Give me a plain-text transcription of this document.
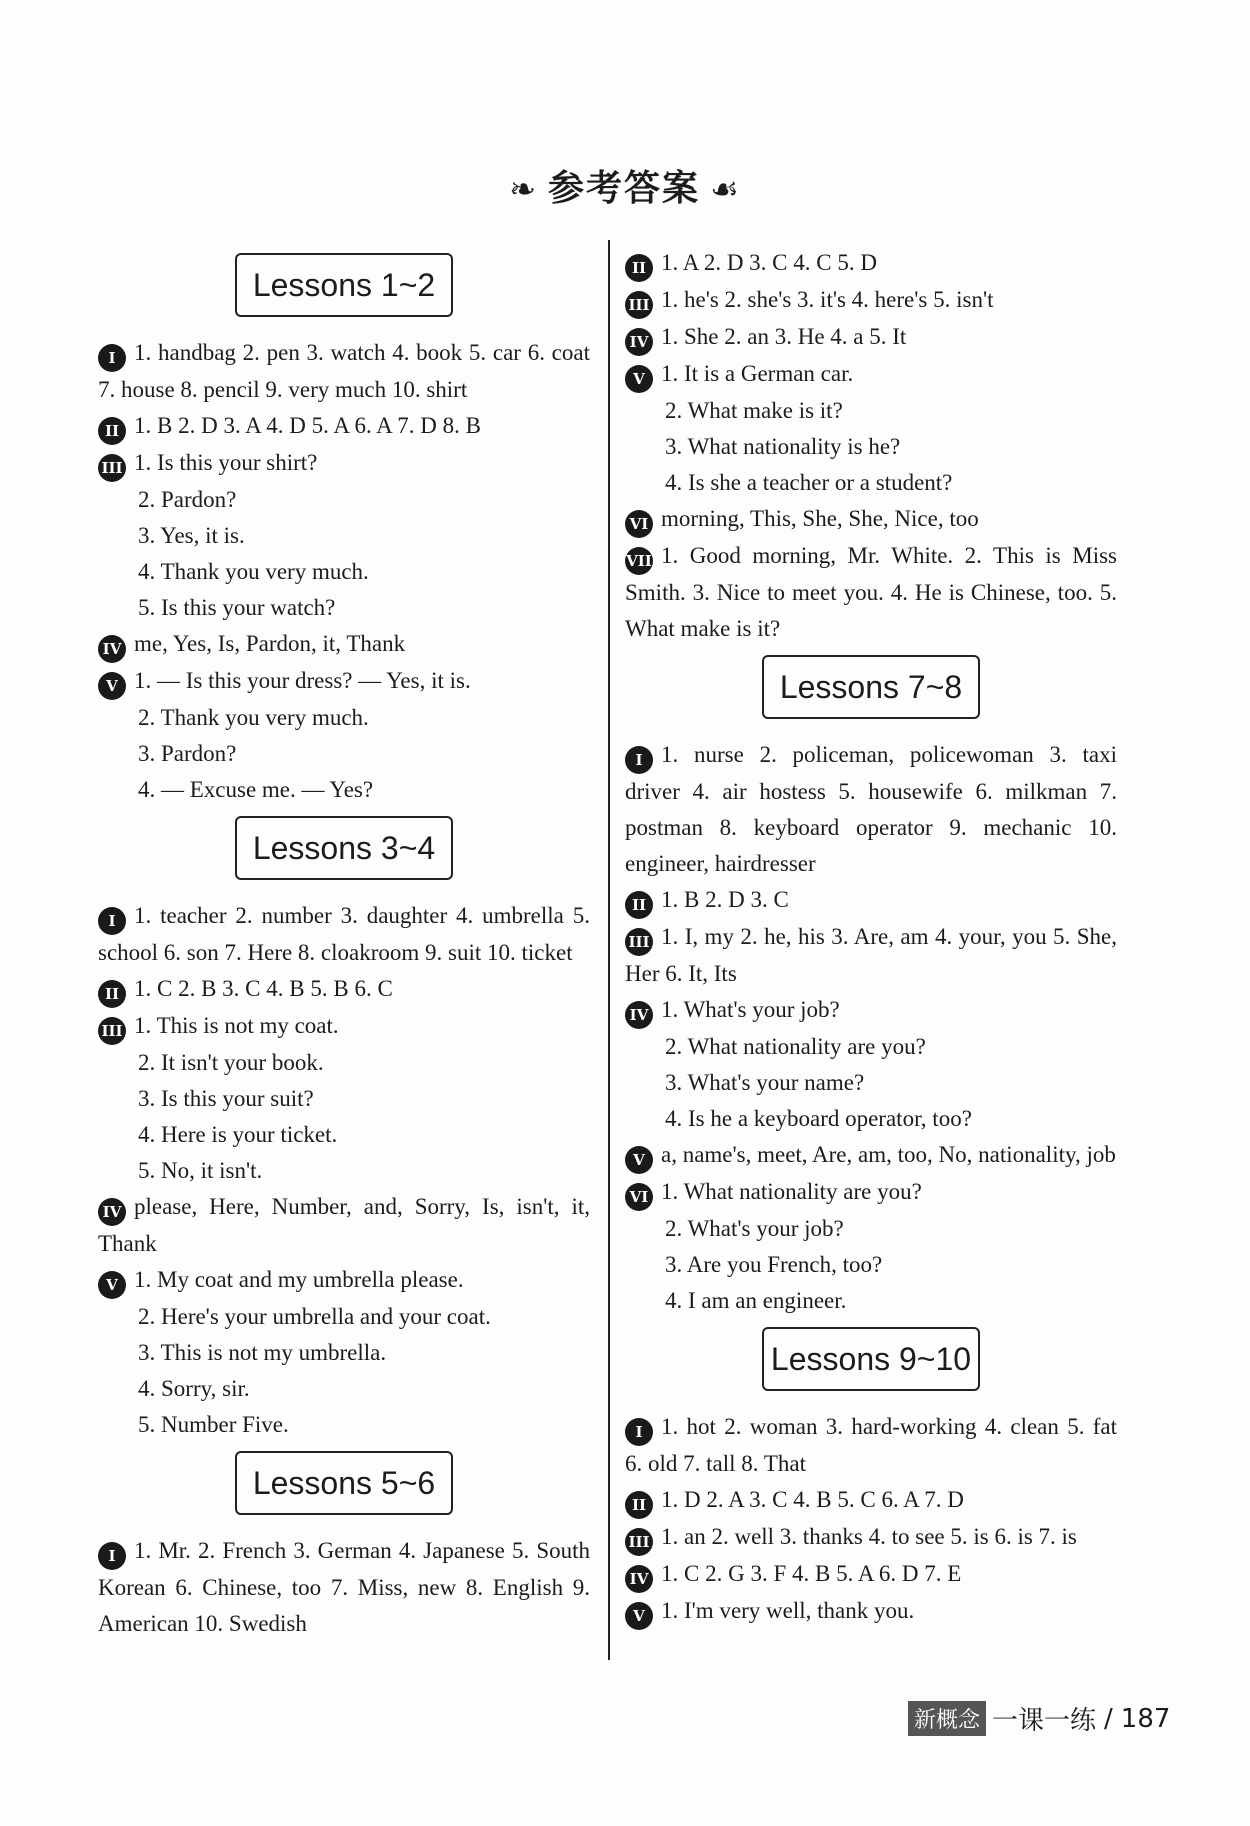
❧ 参考答案 ☙
Lessons 1~2
I 1. handbag 2. pen 3. watch 4. book 5. car 6. coat 7. house 8. pencil 9. very much 10. shirt
II 1. B 2. D 3. A 4. D 5. A 6. A 7. D 8. B
III 1. Is this your shirt?
2. Pardon?
3. Yes, it is.
4. Thank you very much.
5. Is this your watch?
IV me, Yes, Is, Pardon, it, Thank
V 1. — Is this your dress? — Yes, it is.
2. Thank you very much.
3. Pardon?
4. — Excuse me. — Yes?
Lessons 3~4
I 1. teacher 2. number 3. daughter 4. umbrella 5. school 6. son 7. Here 8. cloakroom 9. suit 10. ticket
II 1. C 2. B 3. C 4. B 5. B 6. C
III 1. This is not my coat.
2. It isn't your book.
3. Is this your suit?
4. Here is your ticket.
5. No, it isn't.
IV please, Here, Number, and, Sorry, Is, isn't, it, Thank
V 1. My coat and my umbrella please.
2. Here's your umbrella and your coat.
3. This is not my umbrella.
4. Sorry, sir.
5. Number Five.
Lessons 5~6
I 1. Mr. 2. French 3. German 4. Japanese 5. South Korean 6. Chinese, too 7. Miss, new 8. English 9. American 10. Swedish
II 1. A 2. D 3. C 4. C 5. D
III 1. he's 2. she's 3. it's 4. here's 5. isn't
IV 1. She 2. an 3. He 4. a 5. It
V 1. It is a German car.
2. What make is it?
3. What nationality is he?
4. Is she a teacher or a student?
VI morning, This, She, She, Nice, too
VII 1. Good morning, Mr. White. 2. This is Miss Smith. 3. Nice to meet you. 4. He is Chinese, too. 5. What make is it?
Lessons 7~8
I 1. nurse 2. policeman, policewoman 3. taxi driver 4. air hostess 5. housewife 6. milkman 7. postman 8. keyboard operator 9. mechanic 10. engineer, hairdresser
II 1. B 2. D 3. C
III 1. I, my 2. he, his 3. Are, am 4. your, you 5. She, Her 6. It, Its
IV 1. What's your job?
2. What nationality are you?
3. What's your name?
4. Is he a keyboard operator, too?
V a, name's, meet, Are, am, too, No, nationality, job
VI 1. What nationality are you?
2. What's your job?
3. Are you French, too?
4. I am an engineer.
Lessons 9~10
I 1. hot 2. woman 3. hard-working 4. clean 5. fat 6. old 7. tall 8. That
II 1. D 2. A 3. C 4. B 5. C 6. A 7. D
III 1. an 2. well 3. thanks 4. to see 5. is 6. is 7. is
IV 1. C 2. G 3. F 4. B 5. A 6. D 7. E
V 1. I'm very well, thank you.
新概念 一课一练 / 187
